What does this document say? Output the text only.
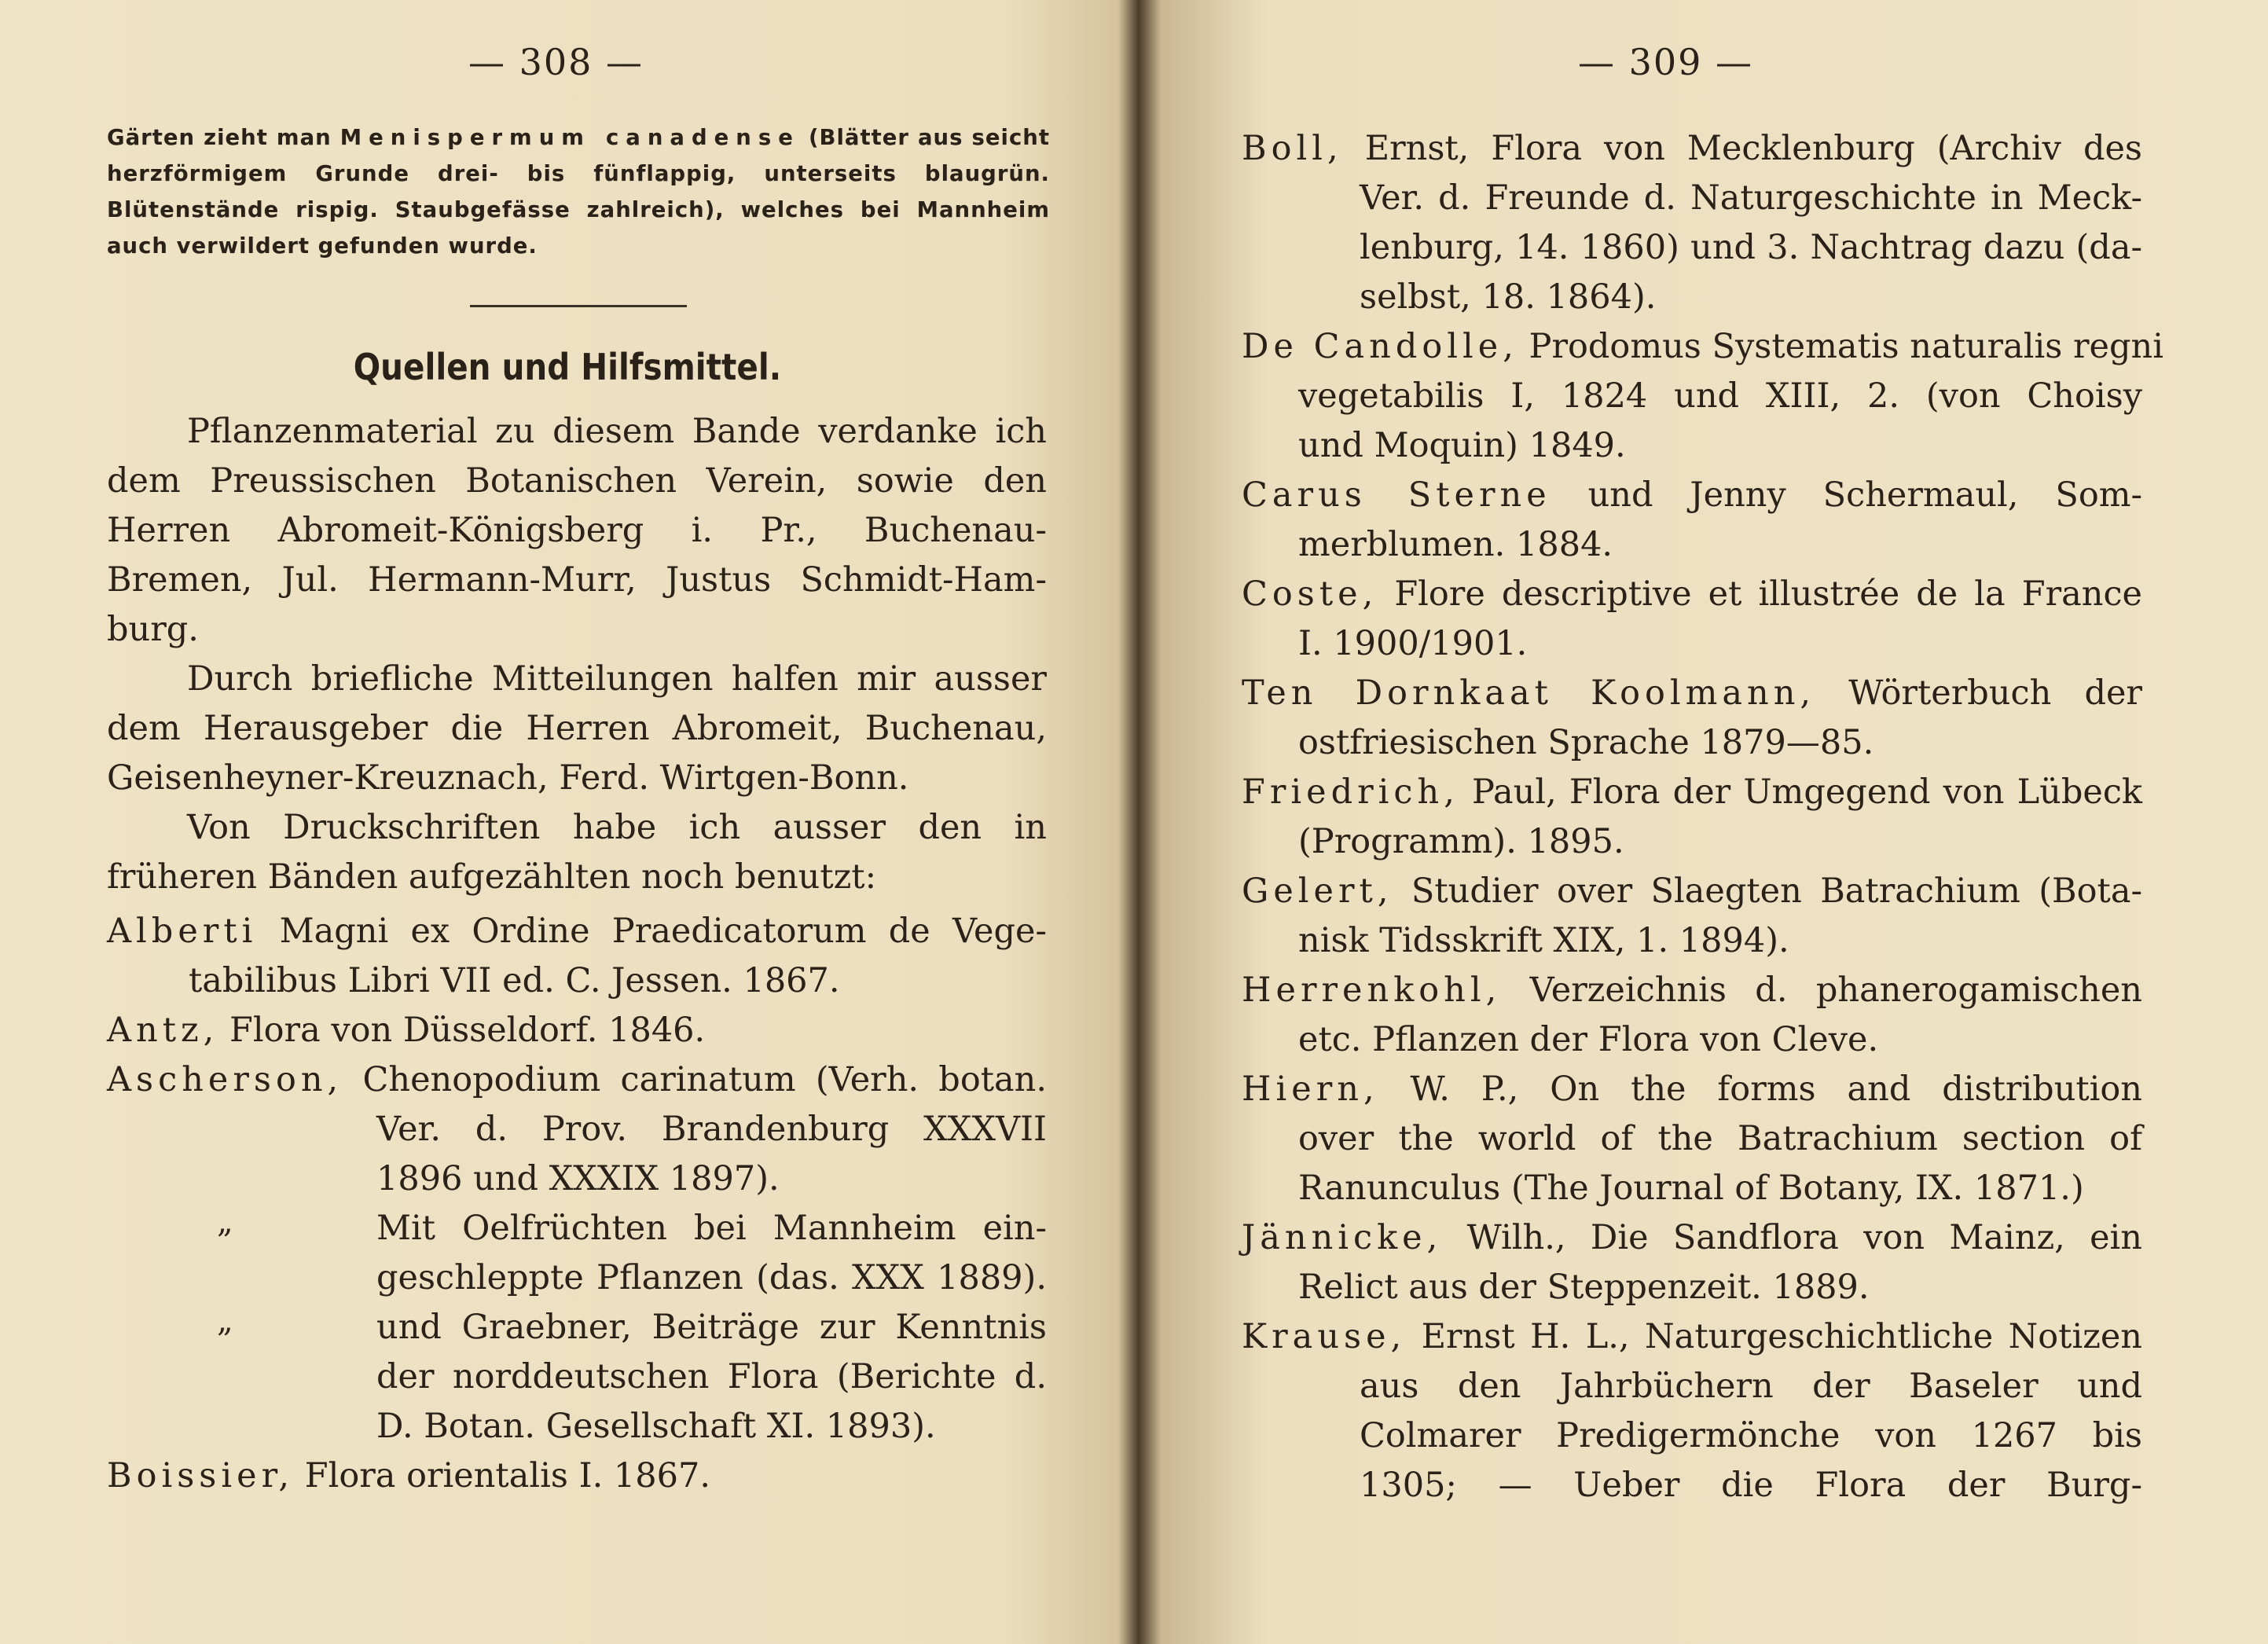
— 308 —

Gärten zieht man Menispermum canadense (Blätter aus seicht

herzförmigem Grunde drei- bis fünflappig, unterseits blaugrün.

Blütenstände rispig. Staubgefässe zahlreich), welches bei Mannheim

auch verwildert gefunden wurde.

Quellen und Hilfsmittel.
Pflanzenmaterial zu diesem Bande verdanke ich
dem Preussischen Botanischen Verein, sowie den
Herren Abromeit-Königsberg i. Pr., Buchenau-
Bremen, Jul. Hermann-Murr, Justus Schmidt-Ham-
burg.
Durch briefliche Mitteilungen halfen mir ausser
dem Herausgeber die Herren Abromeit, Buchenau,
Geisenheyner-Kreuznach, Ferd. Wirtgen-Bonn.
Von Druckschriften habe ich ausser den in
früheren Bänden aufgezählten noch benutzt:
Alberti Magni ex Ordine Praedicatorum de Vege-
tabilibus Libri VII ed. C. Jessen. 1867.
Antz, Flora von Düsseldorf. 1846.
Ascherson, Chenopodium carinatum (Verh. botan.
Ver. d. Prov. Brandenburg XXXVII
1896 und XXXIX 1897).
„	Mit Oelfrüchten bei Mannheim ein-
geschleppte Pflanzen (das. XXX 1889).
„	und Graebner, Beiträge zur Kenntnis
der norddeutschen Flora (Berichte d.
D. Botan. Gesellschaft XI. 1893).
Boissier, Flora orientalis I. 1867.
— 309 —
Boll, Ernst, Flora von Mecklenburg (Archiv des
Ver. d. Freunde d. Naturgeschichte in Meck-
lenburg, 14. 1860) und 3. Nachtrag dazu (da-
selbst, 18. 1864).
De Candolle, Prodomus Systematis naturalis regni
vegetabilis I, 1824 und XIII, 2. (von Choisy
und Moquin) 1849.
Carus Sterne und Jenny Schermaul, Som-
merblumen. 1884.
Coste, Flore descriptive et illustrée de la France
I. 1900/1901.
Ten Dornkaat Koolmann, Wörterbuch der
ostfriesischen Sprache 1879—85.
Friedrich, Paul, Flora der Umgegend von Lübeck
(Programm). 1895.
Gelert, Studier over Slaegten Batrachium (Bota-
nisk Tidsskrift XIX, 1. 1894).
Herrenkohl, Verzeichnis d. phanerogamischen
etc. Pflanzen der Flora von Cleve.
Hiern, W. P., On the forms and distribution
over the world of the Batrachium section of
Ranunculus (The Journal of Botany, IX. 1871.)
Jännicke, Wilh., Die Sandflora von Mainz, ein
Relict aus der Steppenzeit. 1889.
Krause, Ernst H. L., Naturgeschichtliche Notizen
aus den Jahrbüchern der Baseler und
Colmarer Predigermönche von 1267 bis
1305; — Ueber die Flora der Burg-
